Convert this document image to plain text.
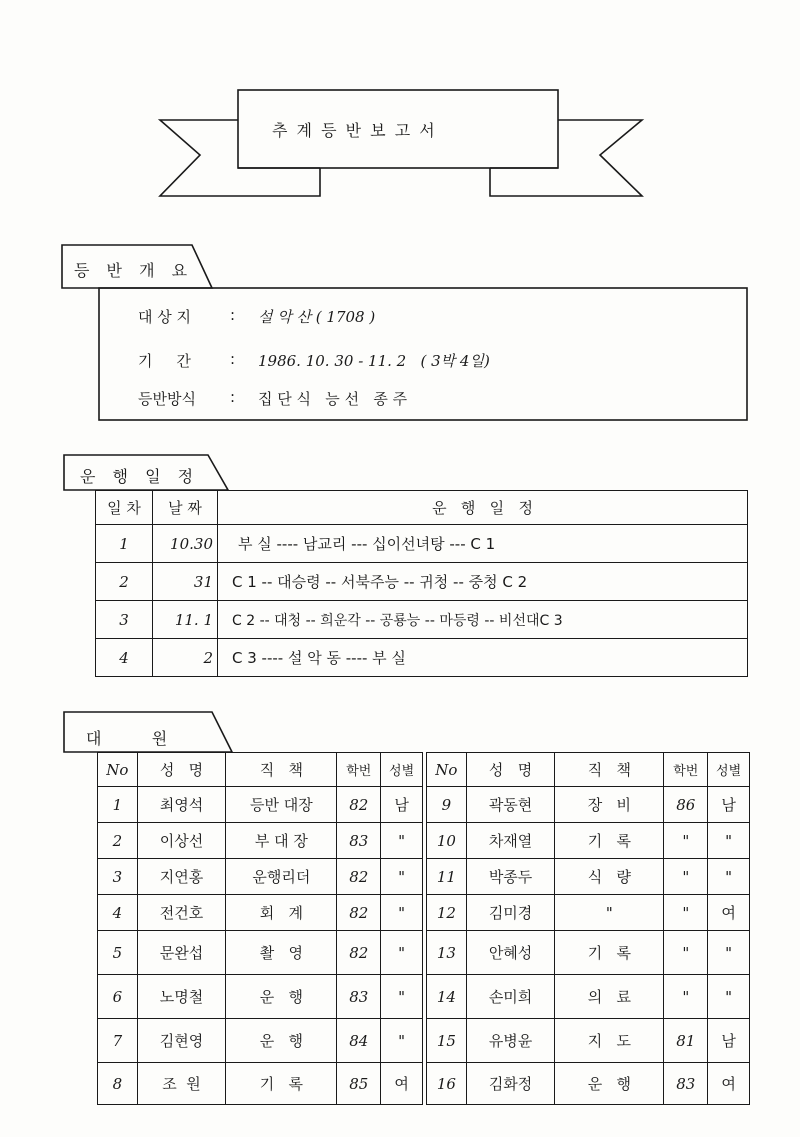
추 계 등 반 보 고 서
등 반 개 요
대 상 지	: 설 악 산 ( 1708 )
기     간	: 1986. 10. 30 - 11. 2   ( 3박 4일)
등반방식 : 집 단 식   능 선   종 주
운 행 일 정
일 차	날 짜	운   행   일   정
1	10.30	부 실 ---- 남교리 --- 십이선녀탕 --- C 1
2	31	C 1 -- 대승령 -- 서북주능 -- 귀청 -- 중청 C 2
3	11. 1	C 2 -- 대청 -- 희운각 -- 공룡능 -- 마등령 -- 비선대C 3
4	2	C 3 ---- 설 악 동 ---- 부 실
대    원
No	성   명	직   책	학번	성별
1	최영석	등반 대장	82	남
2	이상선	부 대 장	83	"
3	지연홍	운행리더	82	"
4	전건호	회   계	82	"
5	문완섭	촬   영	82	"
6	노명철	운   행	83	"
7	김현영	운   행	84	"
8	조  원	기   록	85	여
No	성   명	직   책	학번	성별
9	곽동현	장   비	86	남
10	차재열	기   록	"	"
11	박종두	식   량	"	"
12	김미경	"	"	여
13	안혜성	기   록	"	"
14	손미희	의   료	"	"
15	유병윤	지   도	81	남
16	김화정	운   행	83	여
